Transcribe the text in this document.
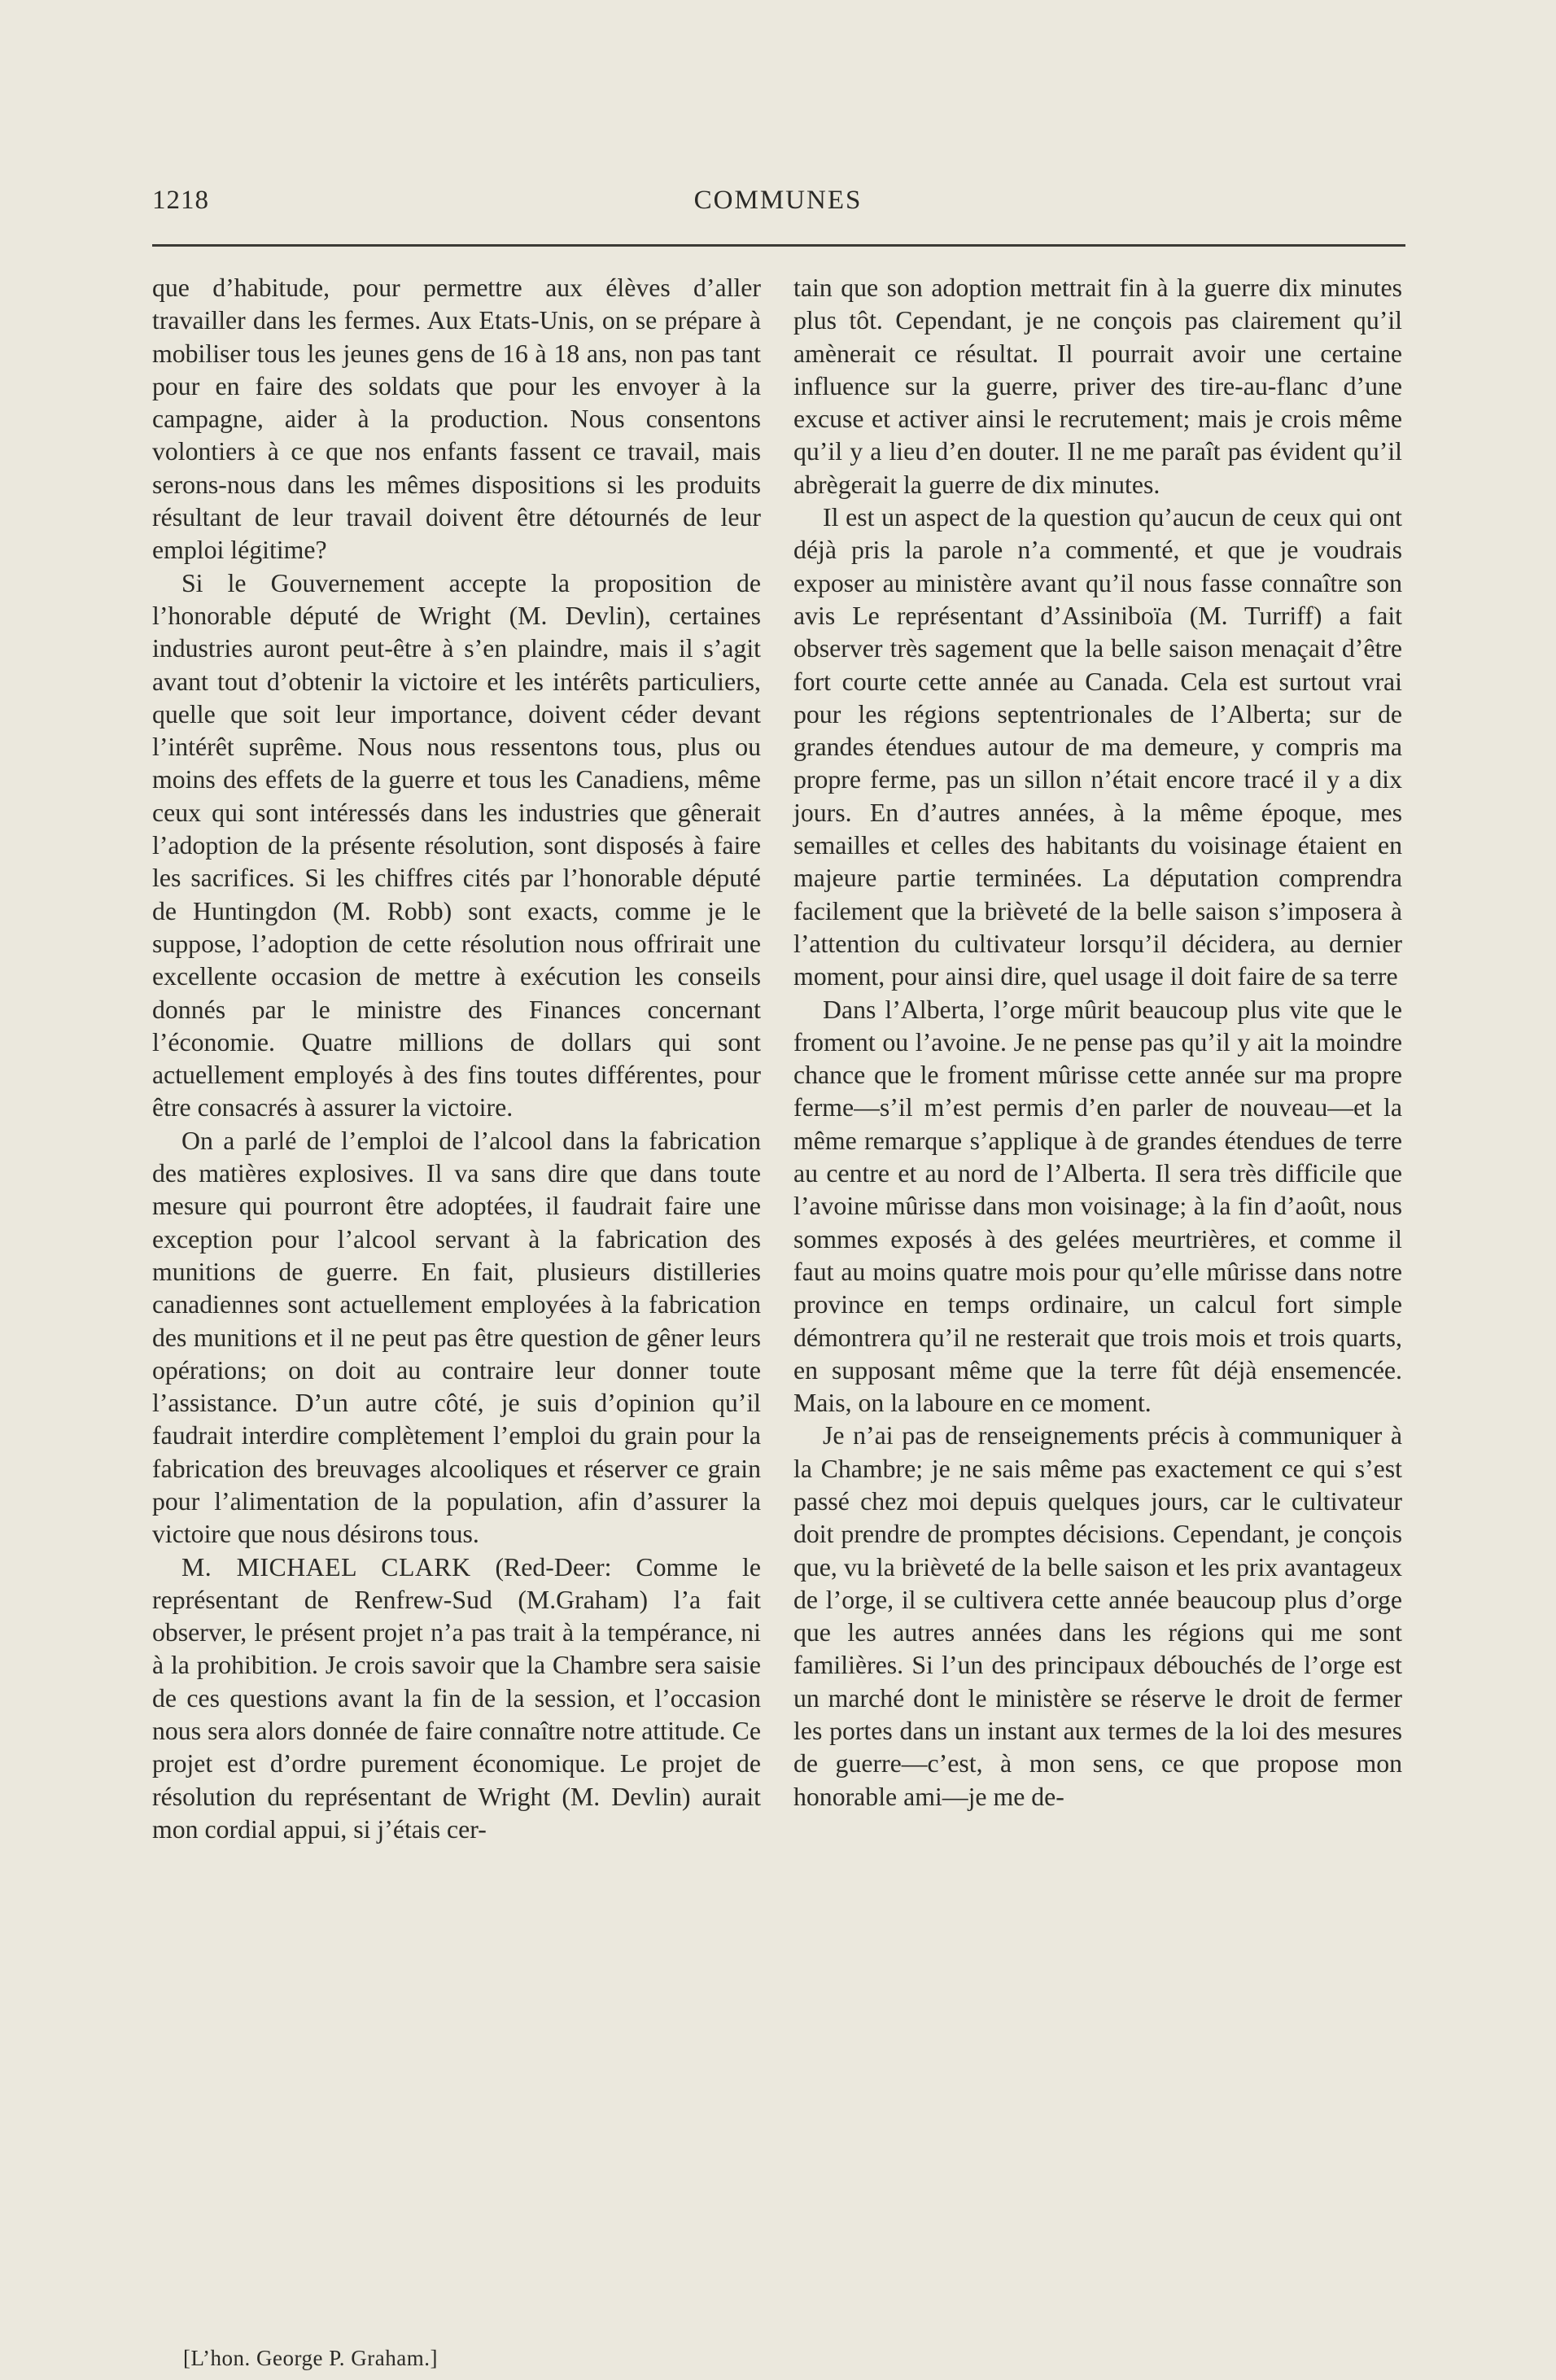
1218	COMMUNES

que d’habitude, pour permettre aux élèves d’aller travailler dans les fermes. Aux Etats-Unis, on se prépare à mobiliser tous les jeunes gens de 16 à 18 ans, non pas tant pour en faire des soldats que pour les envoyer à la campagne, aider à la production. Nous consentons volontiers à ce que nos enfants fassent ce travail, mais serons-nous dans les mêmes dispositions si les produits résultant de leur travail doivent être détournés de leur emploi légitime?

Si le Gouvernement accepte la proposition de l’honorable député de Wright (M. Devlin), certaines industries auront peut-être à s’en plaindre, mais il s’agit avant tout d’obtenir la victoire et les intérêts particuliers, quelle que soit leur importance, doivent céder devant l’intérêt suprême. Nous nous ressentons tous, plus ou moins des effets de la guerre et tous les Canadiens, même ceux qui sont intéressés dans les industries que gênerait l’adoption de la présente résolution, sont disposés à faire les sacrifices. Si les chiffres cités par l’honorable député de Huntingdon (M. Robb) sont exacts, comme je le suppose, l’adoption de cette résolution nous offrirait une excellente occasion de mettre à exécution les conseils donnés par le ministre des Finances concernant l’économie. Quatre millions de dollars qui sont actuellement employés à des fins toutes différentes, pour être consacrés à assurer la victoire.

On a parlé de l’emploi de l’alcool dans la fabrication des matières explosives. Il va sans dire que dans toute mesure qui pourront être adoptées, il faudrait faire une exception pour l’alcool servant à la fabrication des munitions de guerre. En fait, plusieurs distilleries canadiennes sont actuellement employées à la fabrication des munitions et il ne peut pas être question de gêner leurs opérations; on doit au contraire leur donner toute l’assistance. D’un autre côté, je suis d’opinion qu’il faudrait interdire complètement l’emploi du grain pour la fabrication des breuvages alcooliques et réserver ce grain pour l’alimentation de la population, afin d’assurer la victoire que nous désirons tous.

M. MICHAEL CLARK (Red-Deer: Comme le représentant de Renfrew-Sud (M.Graham) l’a fait observer, le présent projet n’a pas trait à la tempérance, ni à la prohibition. Je crois savoir que la Chambre sera saisie de ces questions avant la fin de la session, et l’occasion nous sera alors donnée de faire connaître notre attitude. Ce projet est d’ordre purement économique. Le projet de résolution du représentant de Wright (M. Devlin) aurait mon cordial appui, si j’étais cer-

tain que son adoption mettrait fin à la guerre dix minutes plus tôt. Cependant, je ne conçois pas clairement qu’il amènerait ce résultat. Il pourrait avoir une certaine influence sur la guerre, priver des tire-au-flanc d’une excuse et activer ainsi le recrutement; mais je crois même qu’il y a lieu d’en douter. Il ne me paraît pas évident qu’il abrègerait la guerre de dix minutes.

Il est un aspect de la question qu’aucun de ceux qui ont déjà pris la parole n’a commenté, et que je voudrais exposer au ministère avant qu’il nous fasse connaître son avis Le représentant d’Assiniboïa (M. Turriff) a fait observer très sagement que la belle saison menaçait d’être fort courte cette année au Canada. Cela est surtout vrai pour les régions septentrionales de l’Alberta; sur de grandes étendues autour de ma demeure, y compris ma propre ferme, pas un sillon n’était encore tracé il y a dix jours. En d’autres années, à la même époque, mes semailles et celles des habitants du voisinage étaient en majeure partie terminées. La députation comprendra facilement que la brièveté de la belle saison s’imposera à l’attention du cultivateur lorsqu’il décidera, au dernier moment, pour ainsi dire, quel usage il doit faire de sa terre

Dans l’Alberta, l’orge mûrit beaucoup plus vite que le froment ou l’avoine. Je ne pense pas qu’il y ait la moindre chance que le froment mûrisse cette année sur ma propre ferme—s’il m’est permis d’en parler de nouveau—et la même remarque s’applique à de grandes étendues de terre au centre et au nord de l’Alberta. Il sera très difficile que l’avoine mûrisse dans mon voisinage; à la fin d’août, nous sommes exposés à des gelées meurtrières, et comme il faut au moins quatre mois pour qu’elle mûrisse dans notre province en temps ordinaire, un calcul fort simple démontrera qu’il ne resterait que trois mois et trois quarts, en supposant même que la terre fût déjà ensemencée. Mais, on la laboure en ce moment.

Je n’ai pas de renseignements précis à communiquer à la Chambre; je ne sais même pas exactement ce qui s’est passé chez moi depuis quelques jours, car le cultivateur doit prendre de promptes décisions. Cependant, je conçois que, vu la brièveté de la belle saison et les prix avantageux de l’orge, il se cultivera cette année beaucoup plus d’orge que les autres années dans les régions qui me sont familières. Si l’un des principaux débouchés de l’orge est un marché dont le ministère se réserve le droit de fermer les portes dans un instant aux termes de la loi des mesures de guerre—c’est, à mon sens, ce que propose mon honorable ami—je me de-

[L’hon. George P. Graham.]
